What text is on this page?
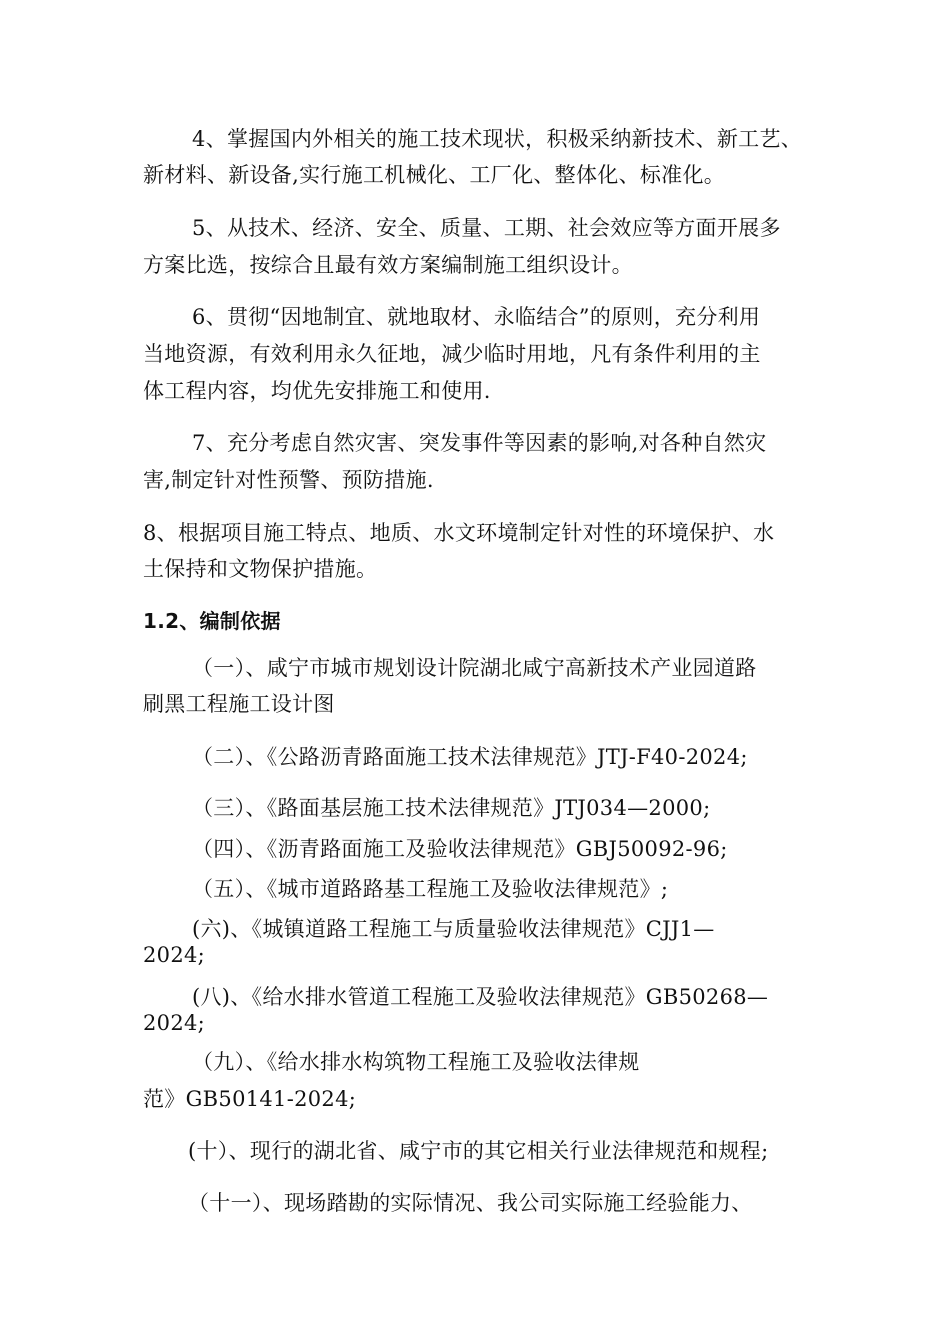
4、掌握国内外相关的施工技术现状，积极采纳新技术、新工艺、

新材料、新设备,实行施工机械化、工厂化、整体化、标准化。

5、从技术、经济、安全、质量、工期、社会效应等方面开展多

方案比选，按综合且最有效方案编制施工组织设计。

6、贯彻“因地制宜、就地取材、永临结合”的原则，充分利用

当地资源，有效利用永久征地，减少临时用地，凡有条件利用的主

体工程内容，均优先安排施工和使用.

7、充分考虑自然灾害、突发事件等因素的影响,对各种自然灾

害,制定针对性预警、预防措施.

8、根据项目施工特点、地质、水文环境制定针对性的环境保护、水

土保持和文物保护措施。

1.2、编制依据

（一）、咸宁市城市规划设计院湖北咸宁高新技术产业园道路

刷黑工程施工设计图

（二）、《公路沥青路面施工技术法律规范》JTJ-F40-2024;

（三）、《路面基层施工技术法律规范》JTJ034—2000;

（四）、《沥青路面施工及验收法律规范》GBJ50092-96;

（五）、《城市道路路基工程施工及验收法律规范》;

(六)、《城镇道路工程施工与质量验收法律规范》CJJ1—

2024;

(八)、《给水排水管道工程施工及验收法律规范》GB50268—

2024;

（九）、《给水排水构筑物工程施工及验收法律规

范》GB50141-2024;

(十）、现行的湖北省、咸宁市的其它相关行业法律规范和规程;

（十一）、现场踏勘的实际情况、我公司实际施工经验能力、
